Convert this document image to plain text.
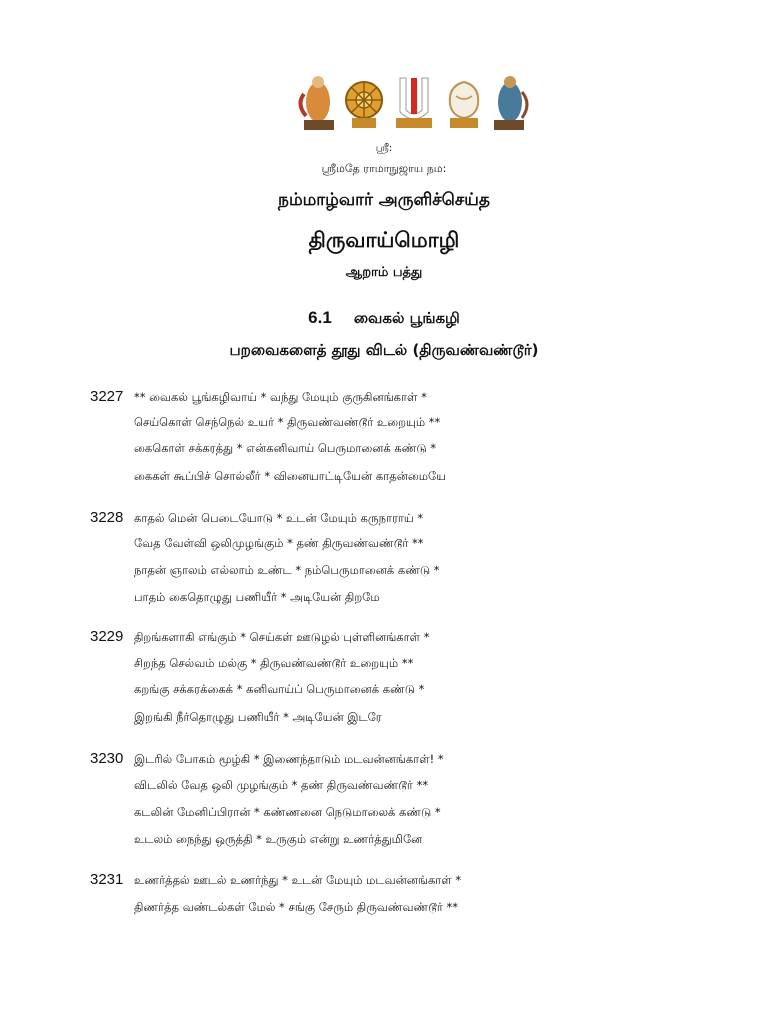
ஸ்ரீ:
ஸ்ரீமதே ராமாநுஜாய நம:
நம்மாழ்வார் அருளிச்செய்த
திருவாய்மொழி
ஆறாம் பத்து
6.1 வைகல் பூங்கழி
பறவைகளைத் தூது விடல் (திருவண்வண்டூர்)
3227 ** வைகல் பூங்கழிவாய் * வந்து மேயும் குருகினங்காள் *
செய்கொள் செந்நெல் உயர் * திருவண்வண்டூர் உறையும் **
கைகொள் சக்கரத்து * என்கனிவாய் பெருமானைக் கண்டு *
கைகள் கூப்பிச் சொல்லீர் * வினையாட்டியேன் காதன்மையே
3228 காதல் மென் பெடையோடு * உடன் மேயும் கருநாராய் *
வேத வேள்வி ஒலிமுழங்கும் * தண் திருவண்வண்டூர் **
நாதன் ஞாலம் எல்லாம் உண்ட * நம்பெருமானைக் கண்டு *
பாதம் கைதொழுது பணியீர் * அடியேன் திறமே
3229 திறங்களாகி எங்கும் * செய்கள் ஊடுழல் புள்ளினங்காள் *
சிறந்த செல்வம் மல்கு * திருவண்வண்டூர் உறையும் **
கறங்கு சக்கரக்கைக் * கனிவாய்ப் பெருமானைக் கண்டு *
இறங்கி நீர்தொழுது பணியீர் * அடியேன் இடரே
3230 இடரில் போகம் மூழ்கி * இணைந்தாடும் மடவன்னங்காள்! *
விடலில் வேத ஒலி முழங்கும் * தண் திருவண்வண்டூர் **
கடலின் மேனிப்பிரான் * கண்ணனை நெடுமாலைக் கண்டு *
உடலம் நைந்து ஒருத்தி * உருகும் என்று உணர்த்துமினே
3231 உணர்த்தல் ஊடல் உணர்ந்து * உடன் மேயும் மடவன்னங்காள் *
திணர்த்த வண்டல்கள் மேல் * சங்கு சேரும் திருவண்வண்டூர் **
